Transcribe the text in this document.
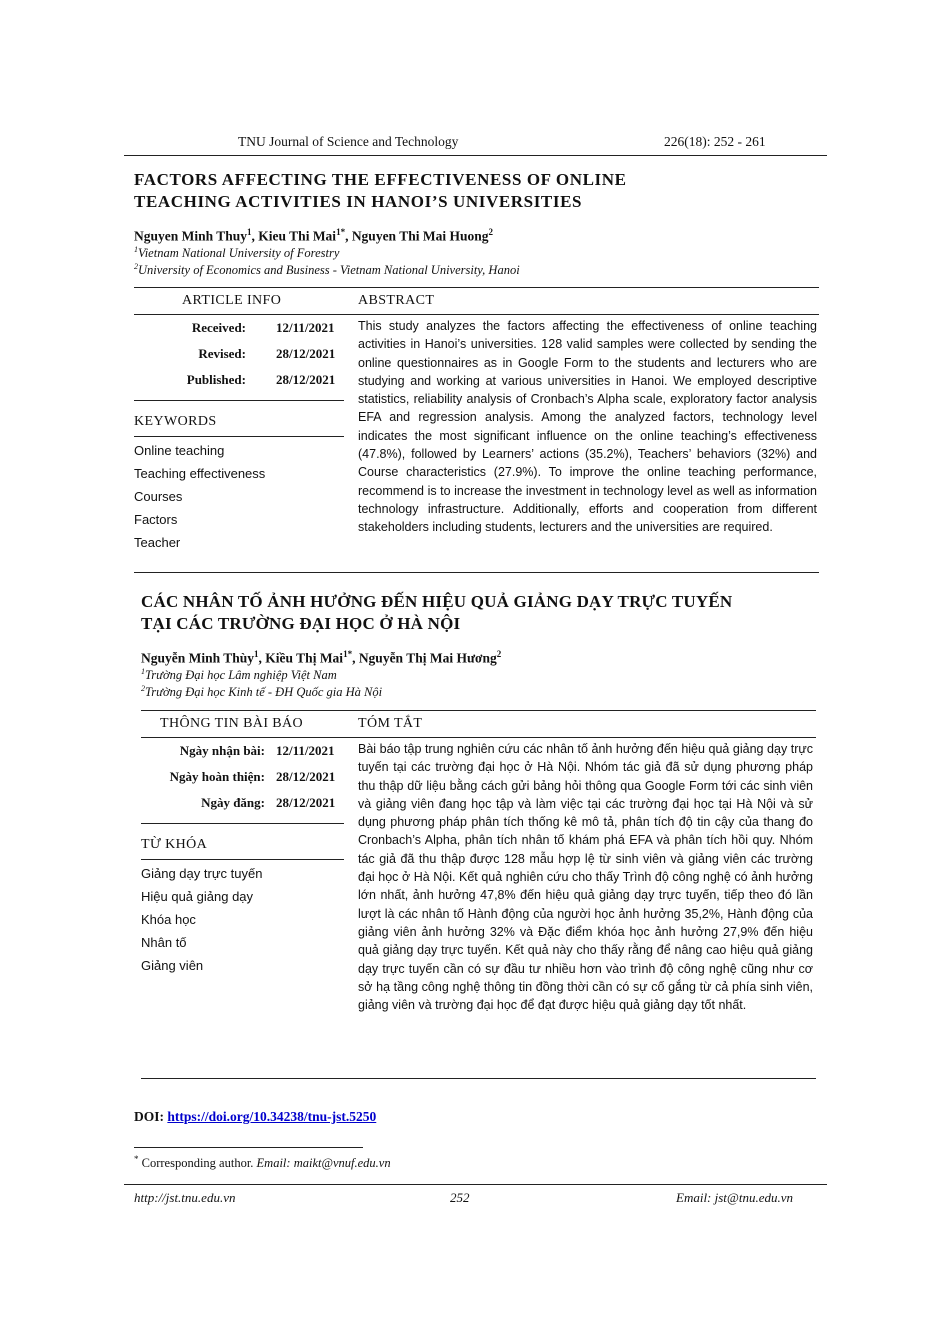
TNU Journal of Science and Technology	226(18): 252 - 261
FACTORS AFFECTING THE EFFECTIVENESS OF ONLINE
TEACHING ACTIVITIES IN HANOI’S UNIVERSITIES
Nguyen Minh Thuy$^1$, Kieu Thi Mai$^{1*}$, Nguyen Thi Mai Huong$^2$
$^1$Vietnam National University of Forestry
$^2$University of Economics and Business - Vietnam National University, Hanoi
ARTICLE INFO	ABSTRACT
Received: 12/11/2021
Revised: 28/12/2021
Published: 28/12/2021
KEYWORDS
Online teaching
Teaching effectiveness
Courses
Factors
Teacher
This study analyzes the factors affecting the effectiveness of online teaching activities in Hanoi’s universities. 128 valid samples were collected by sending the online questionnaires as in Google Form to the students and lecturers who are studying and working at various universities in Hanoi. We employed descriptive statistics, reliability analysis of Cronbach’s Alpha scale, exploratory factor analysis EFA and regression analysis. Among the analyzed factors, technology level indicates the most significant influence on the online teaching’s effectiveness (47.8%), followed by Learners’ actions (35.2%), Teachers’ behaviors (32%) and Course characteristics (27.9%). To improve the online teaching performance, recommend is to increase the investment in technology level as well as information technology infrastructure. Additionally, efforts and cooperation from different stakeholders including students, lecturers and the universities are required.
CÁC NHÂN TỐ ẢNH HƯỞNG ĐẾN HIỆU QUẢ GIẢNG DẠY TRỰC TUYẾN
TẠI CÁC TRƯỜNG ĐẠI HỌC Ở HÀ NỘI
Nguyễn Minh Thùy$^1$, Kiều Thị Mai$^{1*}$, Nguyễn Thị Mai Hương$^2$
$^1$Trường Đại học Lâm nghiệp Việt Nam
$^2$Trường Đại học Kinh tế - ĐH Quốc gia Hà Nội
THÔNG TIN BÀI BÁO	TÓM TẮT
Ngày nhận bài: 12/11/2021
Ngày hoàn thiện: 28/12/2021
Ngày đăng: 28/12/2021
TỪ KHÓA
Giảng dạy trực tuyến
Hiệu quả giảng dạy
Khóa học
Nhân tố
Giảng viên
Bài báo tập trung nghiên cứu các nhân tố ảnh hưởng đến hiệu quả giảng dạy trực tuyến tại các trường đại học ở Hà Nội. Nhóm tác giả đã sử dụng phương pháp thu thập dữ liệu bằng cách gửi bảng hỏi thông qua Google Form tới các sinh viên và giảng viên đang học tập và làm việc tại các trường đại học tại Hà Nội và sử dụng phương pháp phân tích thống kê mô tả, phân tích độ tin cậy của thang đo Cronbach’s Alpha, phân tích nhân tố khám phá EFA và phân tích hồi quy. Nhóm tác giả đã thu thập được 128 mẫu hợp lệ từ sinh viên và giảng viên các trường đại học ở Hà Nội. Kết quả nghiên cứu cho thấy Trình độ công nghệ có ảnh hưởng lớn nhất, ảnh hưởng 47,8% đến hiệu quả giảng dạy trực tuyến, tiếp theo đó lần lượt là các nhân tố Hành động của người học ảnh hưởng 35,2%, Hành động của giảng viên ảnh hưởng 32% và Đặc điểm khóa học ảnh hưởng 27,9% đến hiệu quả giảng dạy trực tuyến. Kết quả này cho thấy rằng để nâng cao hiệu quả giảng dạy trực tuyến cần có sự đầu tư nhiều hơn vào trình độ công nghệ cũng như cơ sở hạ tầng công nghệ thông tin đồng thời cần có sự cố gắng từ cả phía sinh viên, giảng viên và trường đại học để đạt được hiệu quả giảng dạy tốt nhất.
DOI: https://doi.org/10.34238/tnu-jst.5250
* Corresponding author. Email: maikt@vnuf.edu.vn
http://jst.tnu.edu.vn	252	Email: jst@tnu.edu.vn
